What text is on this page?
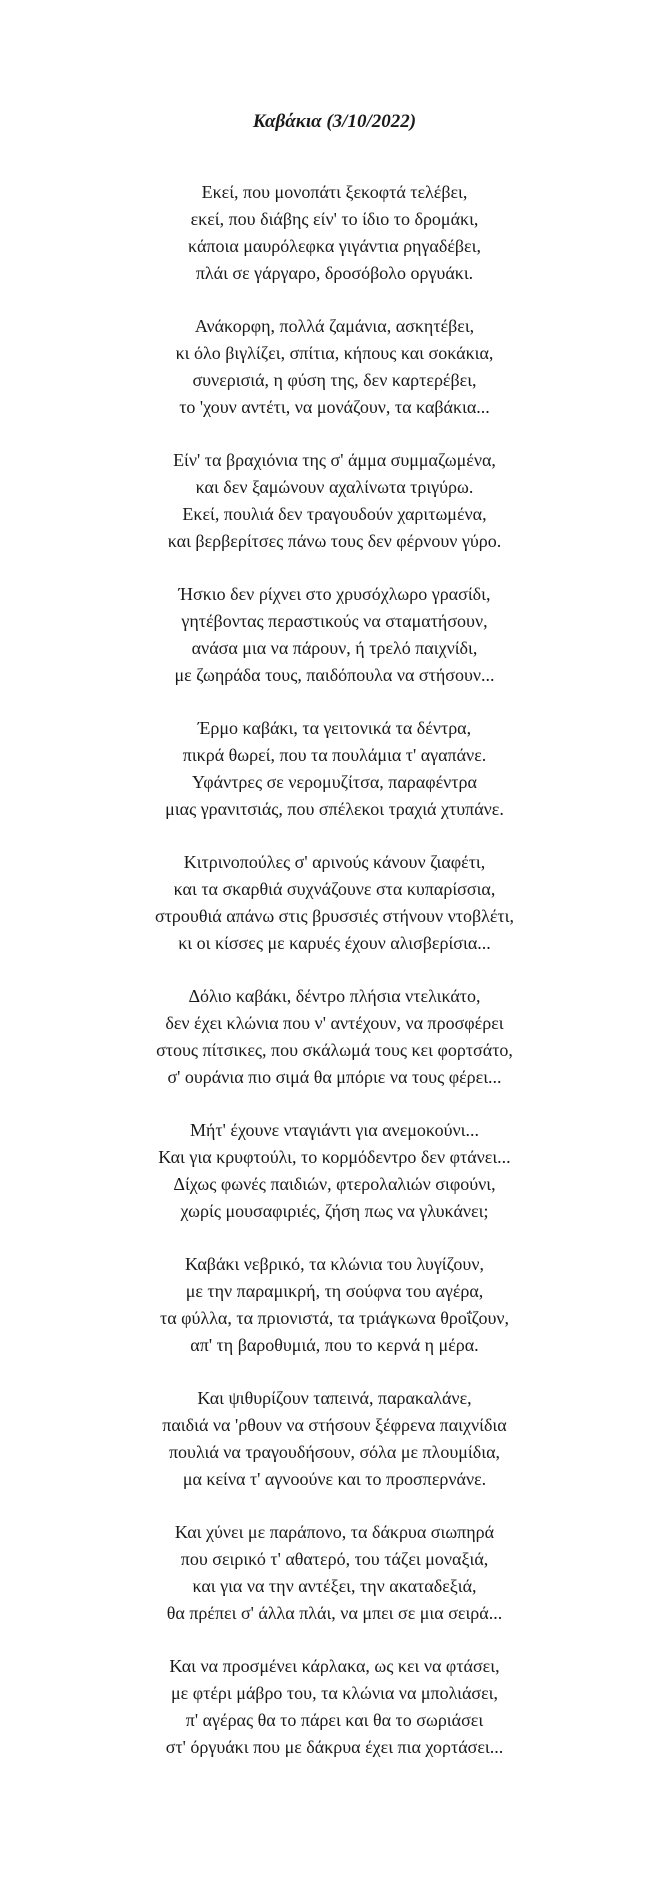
Καβάκια (3/10/2022)
Εκεί, που μονοπάτι ξεκοφτά τελέβει,
εκεί, που διάβης είν' το ίδιο το δρομάκι,
κάποια μαυρόλεφκα γιγάντια ρηγαδέβει,
πλάι σε γάργαρο, δροσόβολο οργυάκι.
Ανάκορφη, πολλά ζαμάνια, ασκητέβει,
κι όλο βιγλίζει, σπίτια, κήπους και σοκάκια,
συνερισιά, η φύση της, δεν καρτερέβει,
το 'χουν αντέτι, να μονάζουν, τα καβάκια...
Είν' τα βραχιόνια της σ' άμμα συμμαζωμένα,
και δεν ξαμώνουν αχαλίνωτα τριγύρω.
Εκεί, πουλιά δεν τραγουδούν χαριτωμένα,
και βερβερίτσες πάνω τους δεν φέρνουν γύρο.
Ήσκιο δεν ρίχνει στο χρυσόχλωρο γρασίδι,
γητέβοντας περαστικούς να σταματήσουν,
ανάσα μια να πάρουν, ή τρελό παιχνίδι,
με ζωηράδα τους, παιδόπουλα να στήσουν...
Έρμο καβάκι, τα γειτονικά τα δέντρα,
πικρά θωρεί, που τα πουλάμια τ' αγαπάνε.
Υφάντρες σε νερομυζίτσα, παραφέντρα
μιας γρανιτσιάς, που σπέλεκοι τραχιά χτυπάνε.
Κιτρινοπούλες σ' αρινούς κάνουν ζιαφέτι,
και τα σκαρθιά συχνάζουνε στα κυπαρίσσια,
στρουθιά απάνω στις βρυσσιές στήνουν ντοβλέτι,
κι οι κίσσες με καρυές έχουν αλισβερίσια...
Δόλιο καβάκι, δέντρο πλήσια ντελικάτο,
δεν έχει κλώνια που ν' αντέχουν, να προσφέρει
στους πίτσικες, που σκάλωμά τους κει φορτσάτο,
σ' ουράνια πιο σιμά θα μπόριε να τους φέρει...
Μήτ' έχουνε νταγιάντι για ανεμοκούνι...
Και για κρυφτούλι, το κορμόδεντρο δεν φτάνει...
Δίχως φωνές παιδιών, φτερολαλιών σιφούνι,
χωρίς μουσαφιριές, ζήση πως να γλυκάνει;
Καβάκι νεβρικό, τα κλώνια του λυγίζουν,
με την παραμικρή, τη σούφνα του αγέρα,
τα φύλλα, τα πριονιστά, τα τριάγκωνα θροΐζουν,
απ' τη βαροθυμιά, που το κερνά η μέρα.
Και ψιθυρίζουν ταπεινά, παρακαλάνε,
παιδιά να 'ρθουν να στήσουν ξέφρενα παιχνίδια
πουλιά να τραγουδήσουν, σόλα με πλουμίδια,
μα κείνα τ' αγνοούνε και το προσπερνάνε.
Και χύνει με παράπονο, τα δάκρυα σιωπηρά
που σειρικό τ' αθατερό, του τάζει μοναξιά,
και για να την αντέξει, την ακαταδεξιά,
θα πρέπει σ' άλλα πλάι, να μπει σε μια σειρά...
Και να προσμένει κάρλακα, ως κει να φτάσει,
με φτέρι μάβρο του, τα κλώνια να μπολιάσει,
π' αγέρας θα το πάρει και θα το σωριάσει
στ' όργυάκι που με δάκρυα έχει πια χορτάσει...
